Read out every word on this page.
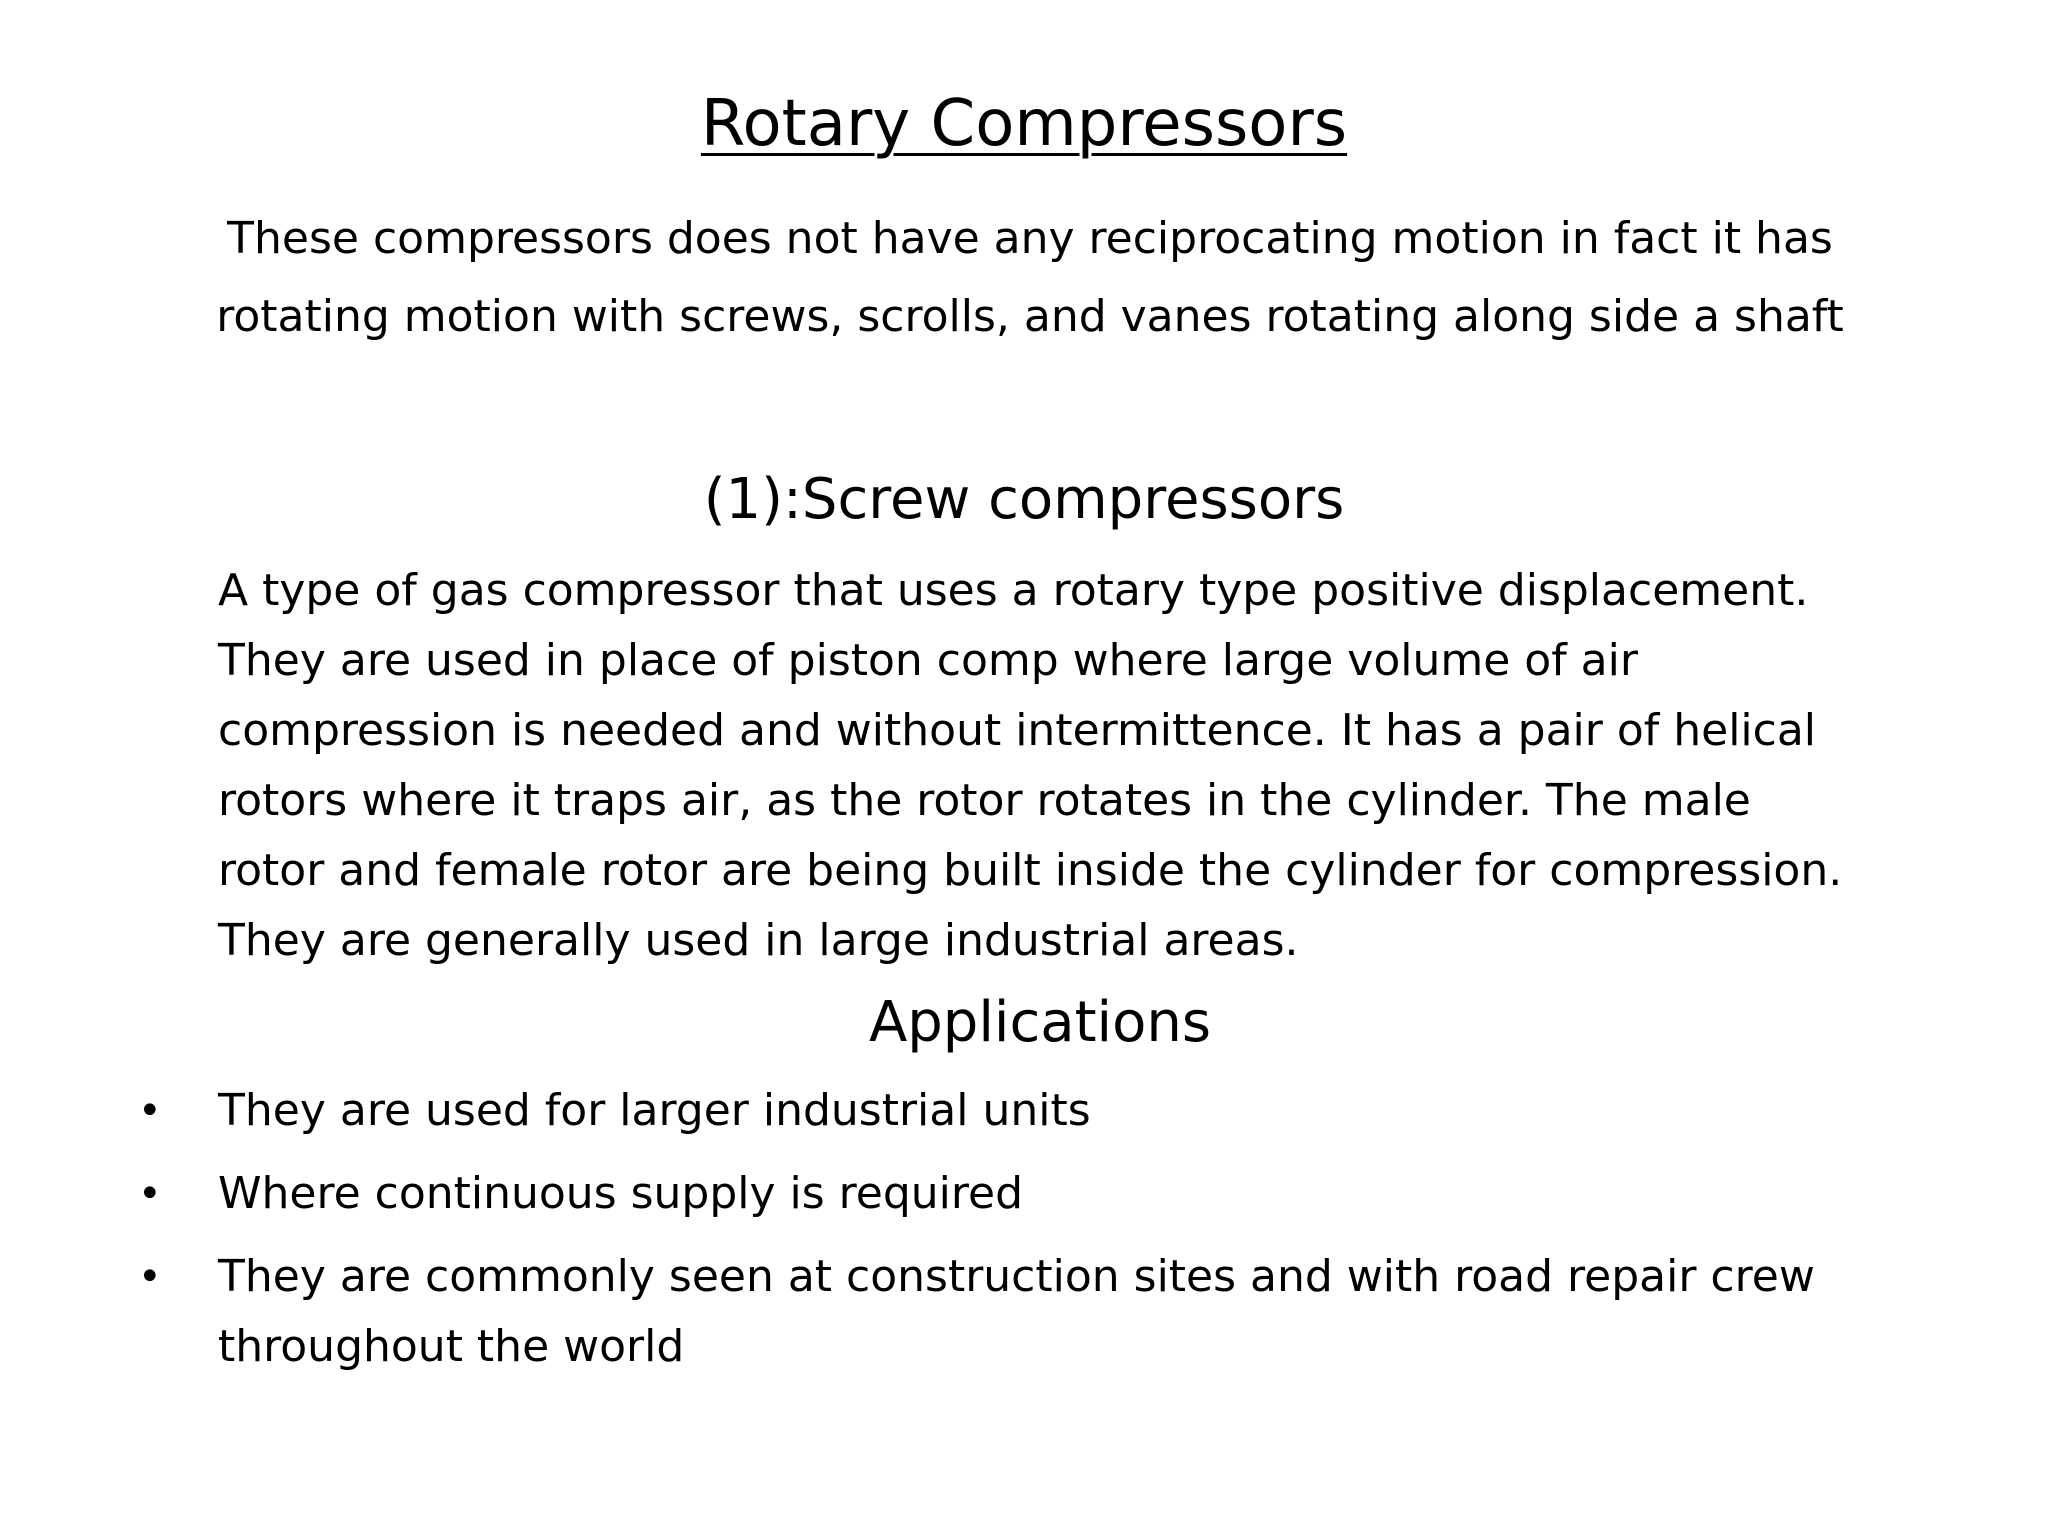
Rotary Compressors

These compressors does not have any reciprocating motion in fact it has
rotating motion with screws, scrolls, and vanes rotating along side a shaft

(1):Screw compressors
A type of gas compressor that uses a rotary type positive displacement.
They are used in place of piston comp where large volume of air
compression is needed and without intermittence. It has a pair of helical
rotors where it traps air, as the rotor rotates in the cylinder. The male
rotor and female rotor are being built inside the cylinder for compression.
They are generally used in large industrial areas.
Applications
• They are used for larger industrial units
• Where continuous supply is required
• They are commonly seen at construction sites and with road repair crew throughout the world
